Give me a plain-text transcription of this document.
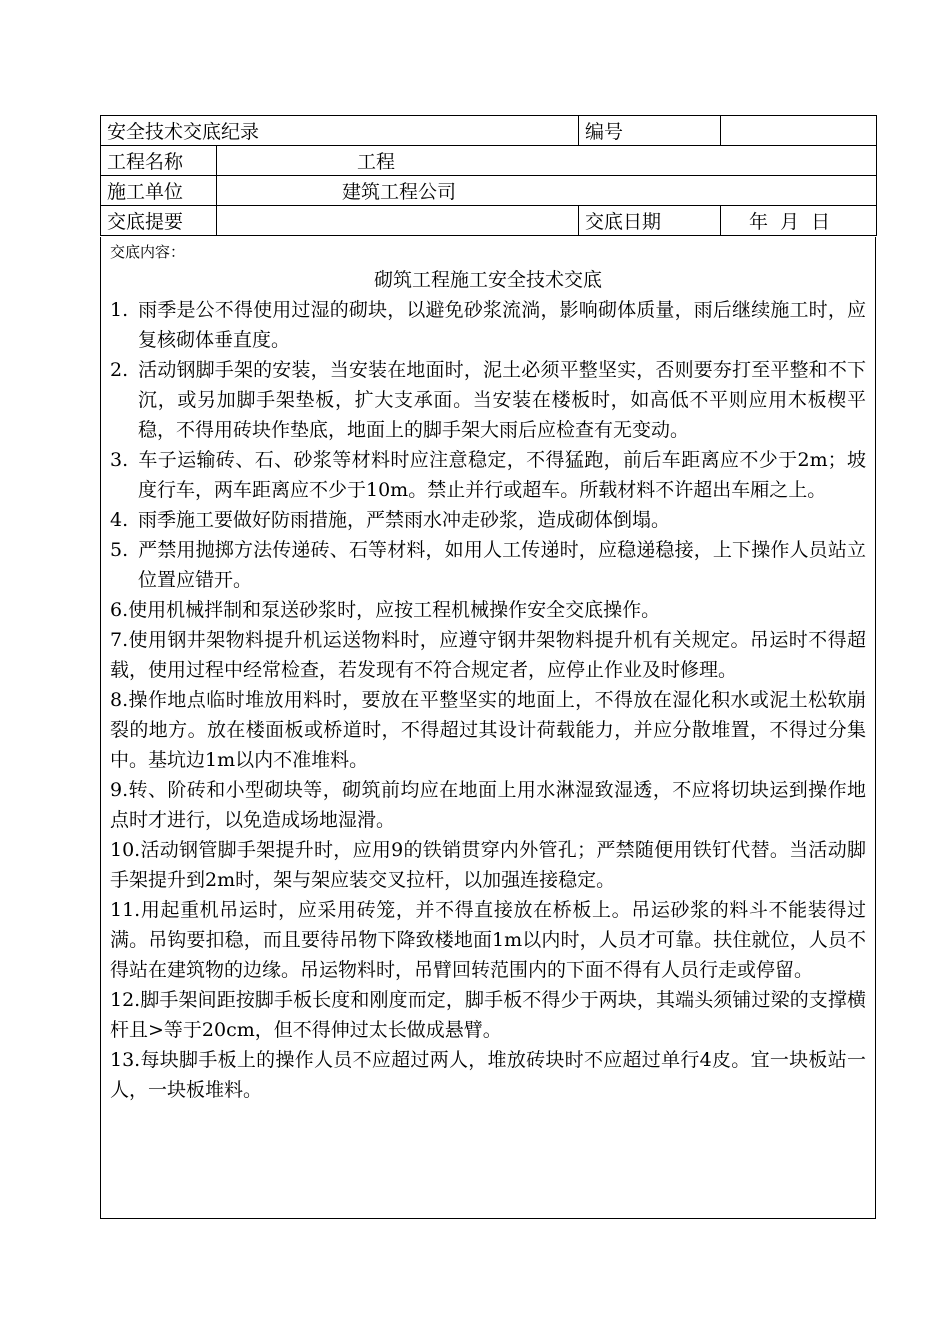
安全技术交底纪录		编号	
工程名称	工程		
施工单位	建筑工程公司		
交底提要		交底日期	年  月  日
交底内容：
砌筑工程施工安全技术交底
1. 雨季是公不得使用过湿的砌块，以避免砂浆流淌，影响砌体质量，雨后继续施工时，应复核砌体垂直度。
2. 活动钢脚手架的安装，当安装在地面时，泥土必须平整坚实，否则要夯打至平整和不下沉，或另加脚手架垫板，扩大支承面。当安装在楼板时，如高低不平则应用木板楔平稳，不得用砖块作垫底，地面上的脚手架大雨后应检查有无变动。
3. 车子运输砖、石、砂浆等材料时应注意稳定，不得猛跑，前后车距离应不少于2m；坡度行车，两车距离应不少于10m。禁止并行或超车。所载材料不许超出车厢之上。
4. 雨季施工要做好防雨措施，严禁雨水冲走砂浆，造成砌体倒塌。
5. 严禁用抛掷方法传递砖、石等材料，如用人工传递时，应稳递稳接，上下操作人员站立位置应错开。
6.使用机械拌制和泵送砂浆时，应按工程机械操作安全交底操作。
7.使用钢井架物料提升机运送物料时，应遵守钢井架物料提升机有关规定。吊运时不得超载，使用过程中经常检查，若发现有不符合规定者，应停止作业及时修理。
8.操作地点临时堆放用料时，要放在平整坚实的地面上，不得放在湿化积水或泥土松软崩裂的地方。放在楼面板或桥道时，不得超过其设计荷载能力，并应分散堆置，不得过分集中。基坑边1m以内不准堆料。
9.转、阶砖和小型砌块等，砌筑前均应在地面上用水淋湿致湿透，不应将切块运到操作地点时才进行，以免造成场地湿滑。
10.活动钢管脚手架提升时，应用9的铁销贯穿内外管孔；严禁随便用铁钉代替。当活动脚手架提升到2m时，架与架应装交叉拉杆，以加强连接稳定。
11.用起重机吊运时，应采用砖笼，并不得直接放在桥板上。吊运砂浆的料斗不能装得过满。吊钩要扣稳，而且要待吊物下降致楼地面1m以内时，人员才可靠。扶住就位，人员不得站在建筑物的边缘。吊运物料时，吊臂回转范围内的下面不得有人员行走或停留。
12.脚手架间距按脚手板长度和刚度而定，脚手板不得少于两块，其端头须铺过梁的支撑横杆且>等于20cm，但不得伸过太长做成悬臂。
13.每块脚手板上的操作人员不应超过两人，堆放砖块时不应超过单行4皮。宜一块板站一人，一块板堆料。
